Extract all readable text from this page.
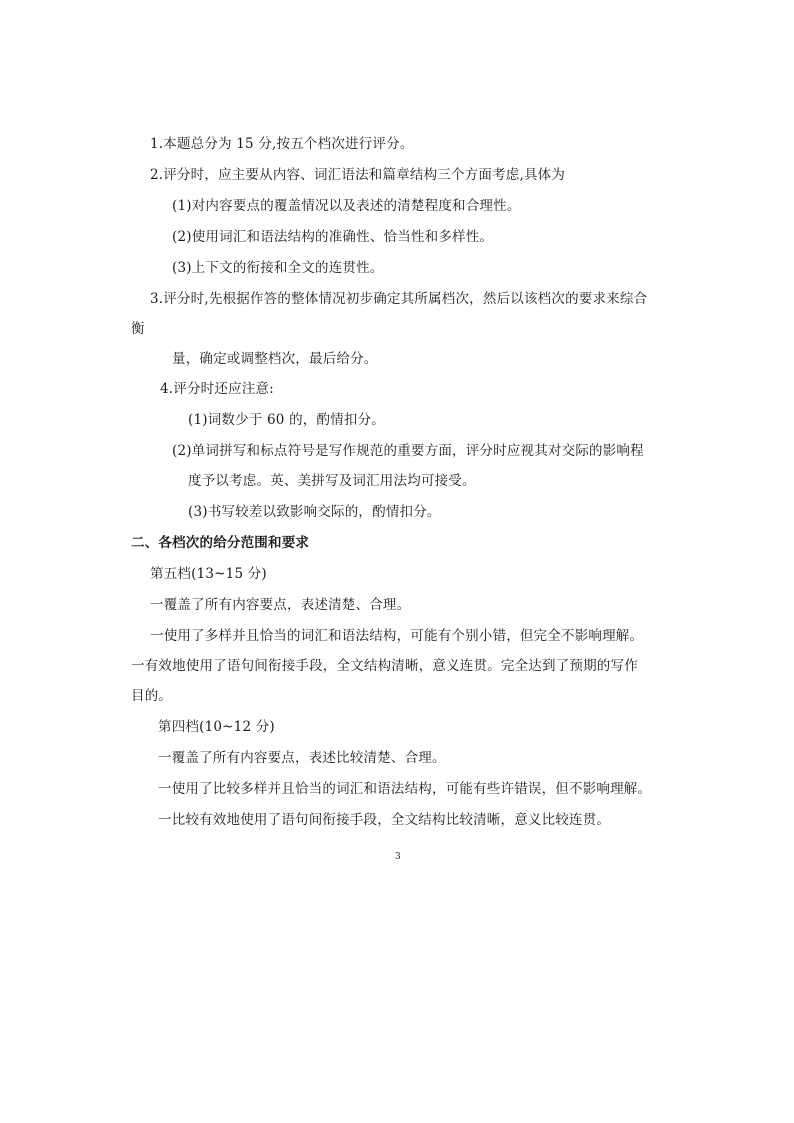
1.本题总分为 15 分,按五个档次进行评分。
2.评分时，应主要从内容、词汇语法和篇章结构三个方面考虑,具体为
(1)对内容要点的覆盖情况以及表述的清楚程度和合理性。
(2)使用词汇和语法结构的准确性、恰当性和多样性。
(3)上下文的衔接和全文的连贯性。
3.评分时,先根据作答的整体情况初步确定其所属档次，然后以该档次的要求来综合
衡
量，确定或调整档次，最后给分。
4.评分时还应注意:
(1)词数少于 60 的，酌情扣分。
(2)单词拼写和标点符号是写作规范的重要方面，评分时应视其对交际的影响程
度予以考虑。英、美拼写及词汇用法均可接受。
(3)书写较差以致影响交际的，酌情扣分。
二、各档次的给分范围和要求
第五档(13~15 分)
一覆盖了所有内容要点，表述清楚、合理。
一使用了多样并且恰当的词汇和语法结构，可能有个别小错，但完全不影响理解。
一有效地使用了语句间衔接手段，全文结构清晰，意义连贯。完全达到了预期的写作
目的。
第四档(10~12 分)
一覆盖了所有内容要点，表述比较清楚、合理。
一使用了比较多样并且恰当的词汇和语法结构，可能有些许错误，但不影响理解。
一比较有效地使用了语句间衔接手段，全文结构比较清晰，意义比较连贯。
3
